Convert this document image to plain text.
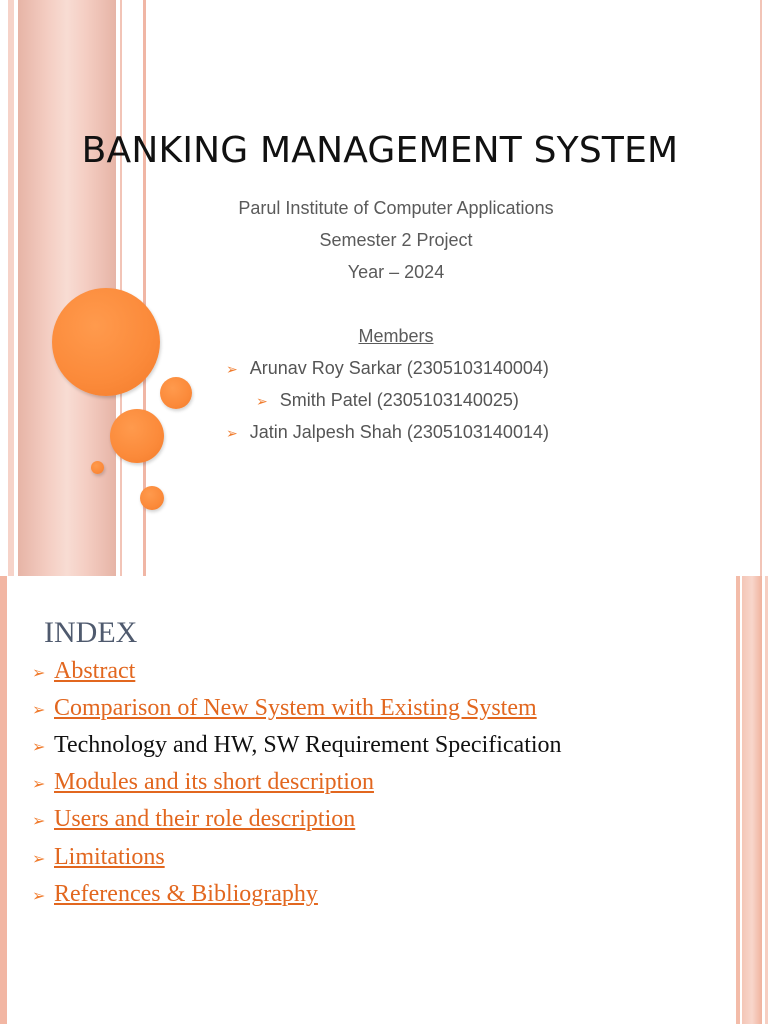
BANKING MANAGEMENT SYSTEM
Parul Institute of Computer Applications
Semester 2 Project
Year – 2024
Members
➢ Arunav Roy Sarkar (2305103140004)
➢ Smith Patel (2305103140025)
➢ Jatin Jalpesh Shah (2305103140014)
INDEX
➢ Abstract
➢ Comparison of New System with Existing System
➢ Technology and HW, SW Requirement Specification
➢ Modules and its short description
➢ Users and their role description
➢ Limitations
➢ References & Bibliography
